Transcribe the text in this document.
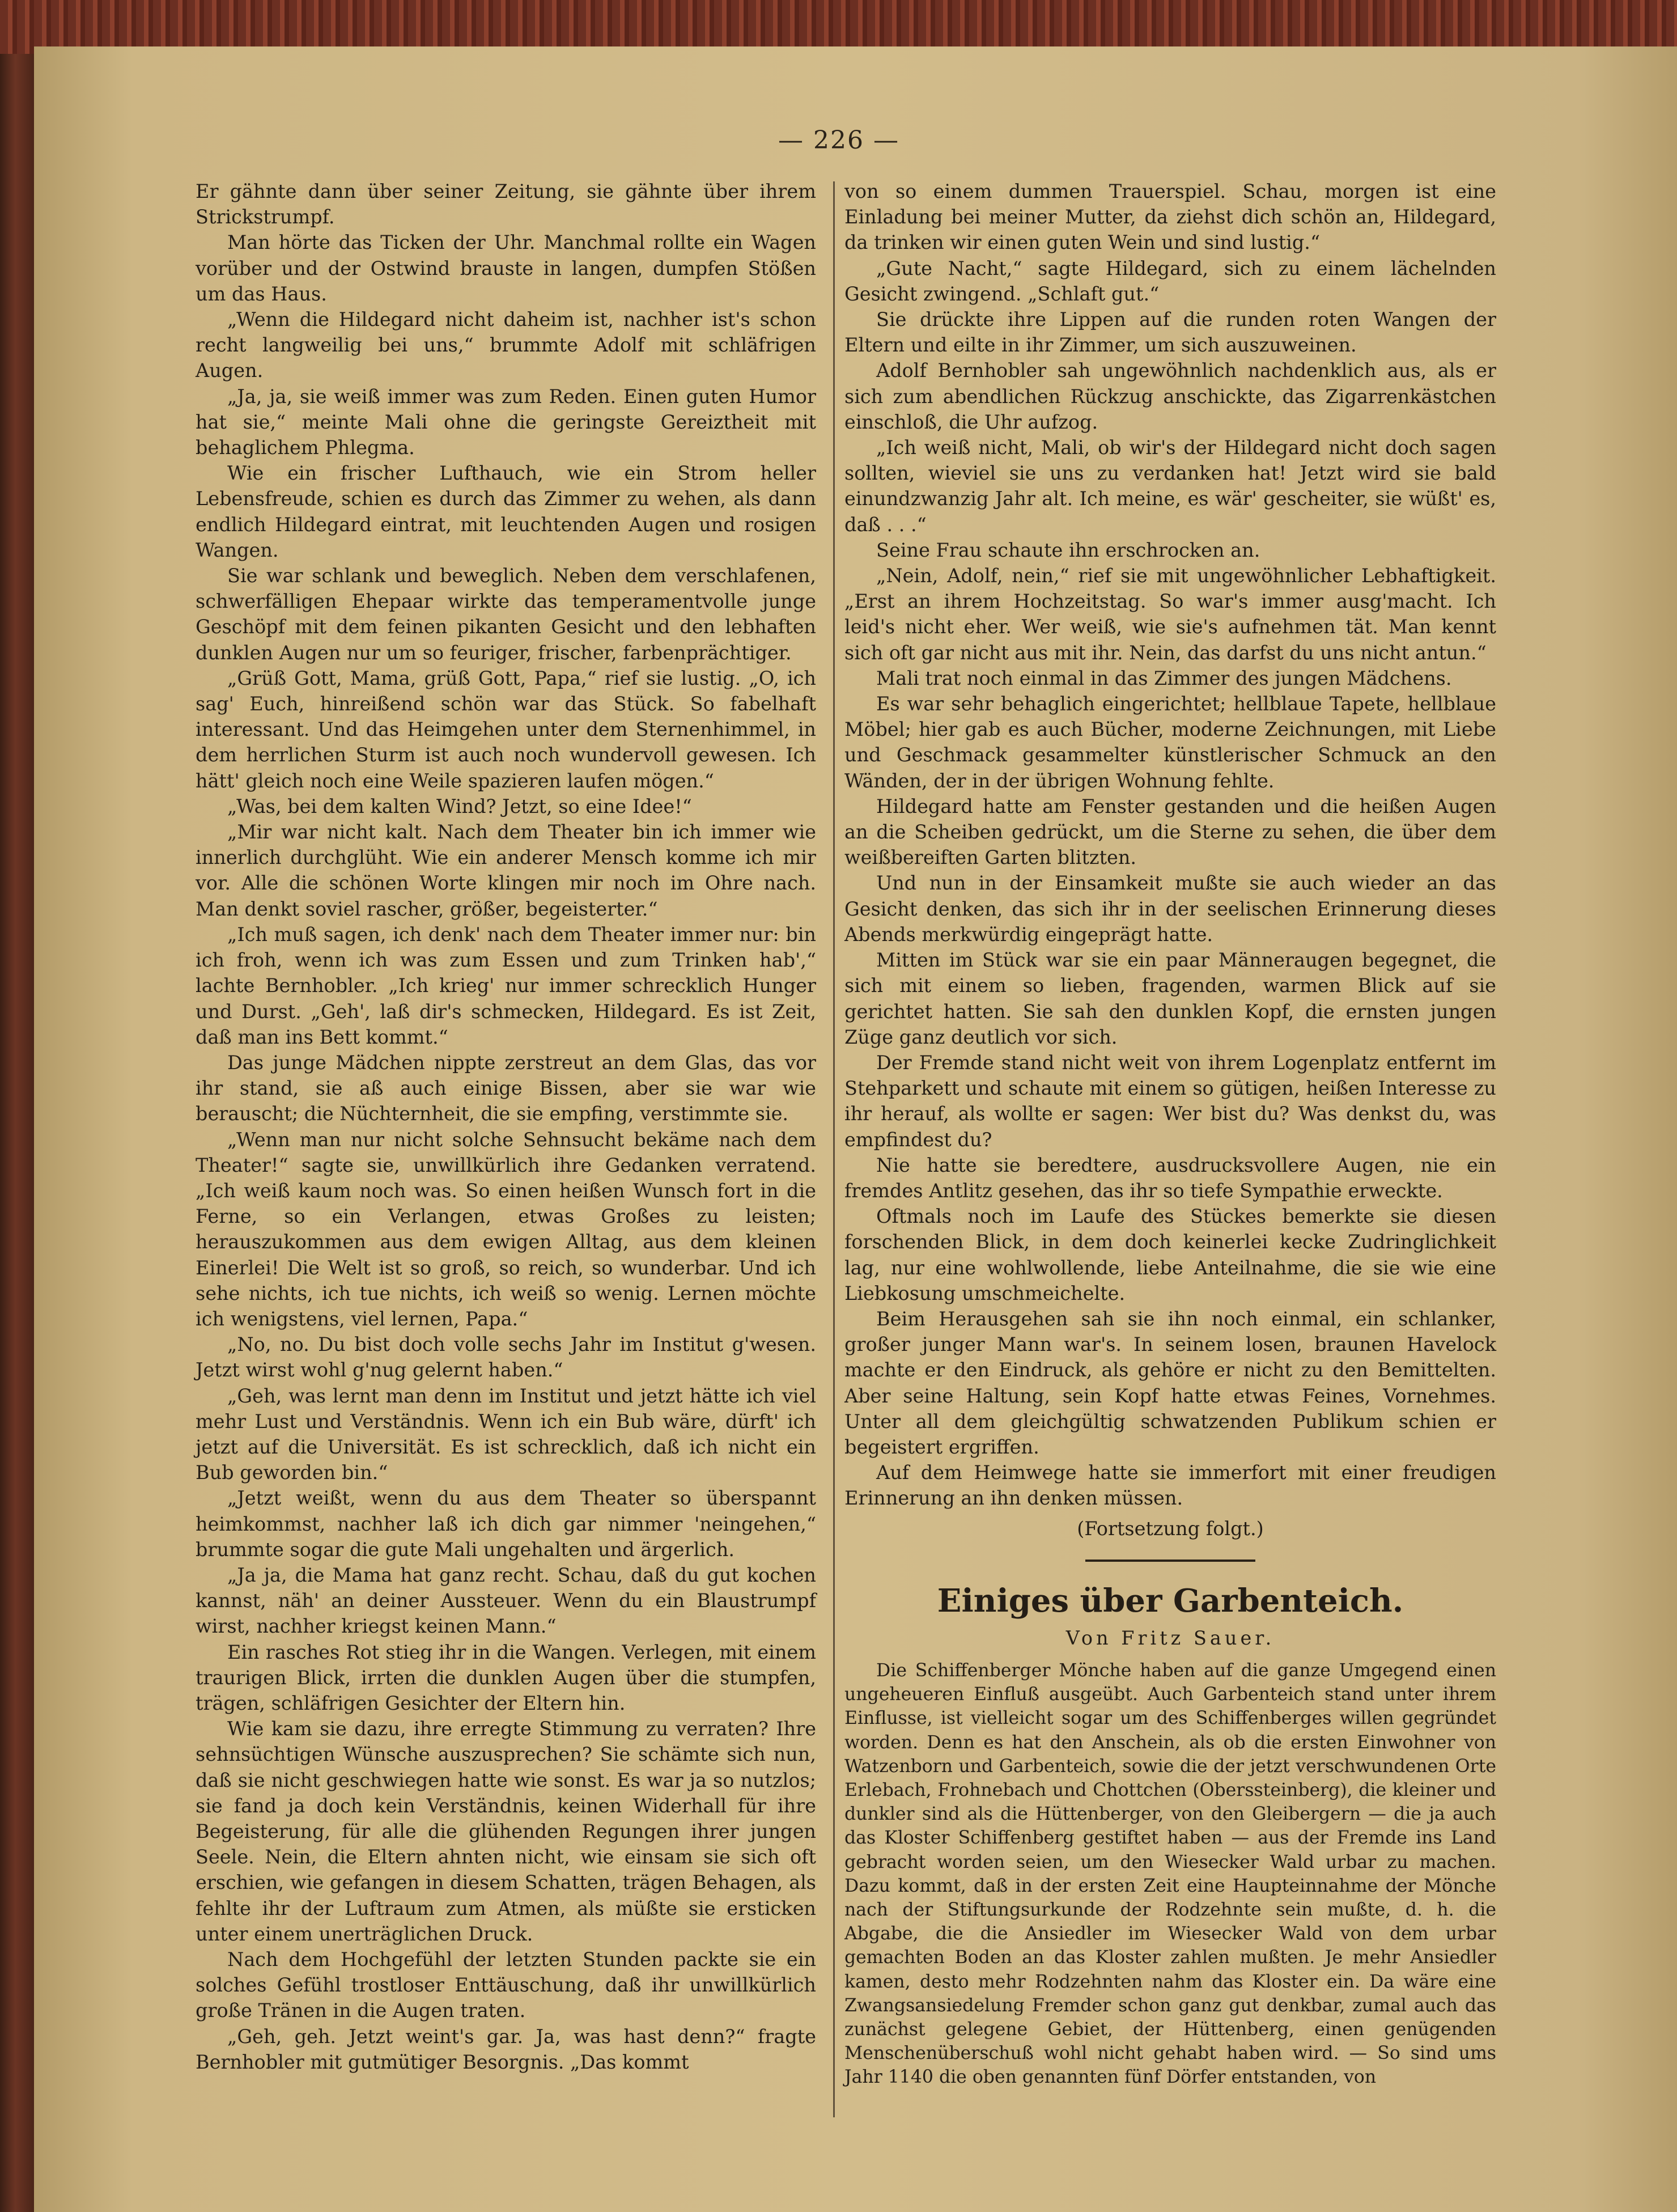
— 226 —

Er gähnte dann über seiner Zeitung, sie gähnte über ihrem Strickstrumpf.

Man hörte das Ticken der Uhr. Manchmal rollte ein Wagen vorüber und der Ostwind brauste in langen, dumpfen Stößen um das Haus.

„Wenn die Hildegard nicht daheim ist, nachher ist's schon recht langweilig bei uns,“ brummte Adolf mit schläfrigen Augen.

„Ja, ja, sie weiß immer was zum Reden. Einen guten Humor hat sie,“ meinte Mali ohne die geringste Gereiztheit mit behaglichem Phlegma.

Wie ein frischer Lufthauch, wie ein Strom heller Lebensfreude, schien es durch das Zimmer zu wehen, als dann endlich Hildegard eintrat, mit leuchtenden Augen und rosigen Wangen.

Sie war schlank und beweglich. Neben dem verschlafenen, schwerfälligen Ehepaar wirkte das temperamentvolle junge Geschöpf mit dem feinen pikanten Gesicht und den lebhaften dunklen Augen nur um so feuriger, frischer, farbenprächtiger.

„Grüß Gott, Mama, grüß Gott, Papa,“ rief sie lustig. „O, ich sag' Euch, hinreißend schön war das Stück. So fabelhaft interessant. Und das Heimgehen unter dem Sternenhimmel, in dem herrlichen Sturm ist auch noch wundervoll gewesen. Ich hätt' gleich noch eine Weile spazieren laufen mögen.“

„Was, bei dem kalten Wind? Jetzt, so eine Idee!“

„Mir war nicht kalt. Nach dem Theater bin ich immer wie innerlich durchglüht. Wie ein anderer Mensch komme ich mir vor. Alle die schönen Worte klingen mir noch im Ohre nach. Man denkt soviel rascher, größer, begeisterter.“

„Ich muß sagen, ich denk' nach dem Theater immer nur: bin ich froh, wenn ich was zum Essen und zum Trinken hab',“ lachte Bernhobler. „Ich krieg' nur immer schrecklich Hunger und Durst. „Geh', laß dir's schmecken, Hildegard. Es ist Zeit, daß man ins Bett kommt.“

Das junge Mädchen nippte zerstreut an dem Glas, das vor ihr stand, sie aß auch einige Bissen, aber sie war wie berauscht; die Nüchternheit, die sie empfing, verstimmte sie.

„Wenn man nur nicht solche Sehnsucht bekäme nach dem Theater!“ sagte sie, unwillkürlich ihre Gedanken verratend. „Ich weiß kaum noch was. So einen heißen Wunsch fort in die Ferne, so ein Verlangen, etwas Großes zu leisten; herauszukommen aus dem ewigen Alltag, aus dem kleinen Einerlei! Die Welt ist so groß, so reich, so wunderbar. Und ich sehe nichts, ich tue nichts, ich weiß so wenig. Lernen möchte ich wenigstens, viel lernen, Papa.“

„No, no. Du bist doch volle sechs Jahr im Institut g'wesen. Jetzt wirst wohl g'nug gelernt haben.“

„Geh, was lernt man denn im Institut und jetzt hätte ich viel mehr Lust und Verständnis. Wenn ich ein Bub wäre, dürft' ich jetzt auf die Universität. Es ist schrecklich, daß ich nicht ein Bub geworden bin.“

„Jetzt weißt, wenn du aus dem Theater so überspannt heimkommst, nachher laß ich dich gar nimmer 'neingehen,“ brummte sogar die gute Mali ungehalten und ärgerlich.

„Ja ja, die Mama hat ganz recht. Schau, daß du gut kochen kannst, näh' an deiner Aussteuer. Wenn du ein Blaustrumpf wirst, nachher kriegst keinen Mann.“

Ein rasches Rot stieg ihr in die Wangen. Verlegen, mit einem traurigen Blick, irrten die dunklen Augen über die stumpfen, trägen, schläfrigen Gesichter der Eltern hin.

Wie kam sie dazu, ihre erregte Stimmung zu verraten? Ihre sehnsüchtigen Wünsche auszusprechen? Sie schämte sich nun, daß sie nicht geschwiegen hatte wie sonst. Es war ja so nutzlos; sie fand ja doch kein Verständnis, keinen Widerhall für ihre Begeisterung, für alle die glühenden Regungen ihrer jungen Seele. Nein, die Eltern ahnten nicht, wie einsam sie sich oft erschien, wie gefangen in diesem Schatten, trägen Behagen, als fehlte ihr der Luftraum zum Atmen, als müßte sie ersticken unter einem unerträglichen Druck.

Nach dem Hochgefühl der letzten Stunden packte sie ein solches Gefühl trostloser Enttäuschung, daß ihr unwillkürlich große Tränen in die Augen traten.

„Geh, geh. Jetzt weint's gar. Ja, was hast denn?“ fragte Bernhobler mit gutmütiger Besorgnis. „Das kommt

von so einem dummen Trauerspiel. Schau, morgen ist eine Einladung bei meiner Mutter, da ziehst dich schön an, Hildegard, da trinken wir einen guten Wein und sind lustig.“

„Gute Nacht,“ sagte Hildegard, sich zu einem lächelnden Gesicht zwingend. „Schlaft gut.“

Sie drückte ihre Lippen auf die runden roten Wangen der Eltern und eilte in ihr Zimmer, um sich auszuweinen.

Adolf Bernhobler sah ungewöhnlich nachdenklich aus, als er sich zum abendlichen Rückzug anschickte, das Zigarrenkästchen einschloß, die Uhr aufzog.

„Ich weiß nicht, Mali, ob wir's der Hildegard nicht doch sagen sollten, wieviel sie uns zu verdanken hat! Jetzt wird sie bald einundzwanzig Jahr alt. Ich meine, es wär' gescheiter, sie wüßt' es, daß . . .“

Seine Frau schaute ihn erschrocken an.

„Nein, Adolf, nein,“ rief sie mit ungewöhnlicher Lebhaftigkeit. „Erst an ihrem Hochzeitstag. So war's immer ausg'macht. Ich leid's nicht eher. Wer weiß, wie sie's aufnehmen tät. Man kennt sich oft gar nicht aus mit ihr. Nein, das darfst du uns nicht antun.“

Mali trat noch einmal in das Zimmer des jungen Mädchens.

Es war sehr behaglich eingerichtet; hellblaue Tapete, hellblaue Möbel; hier gab es auch Bücher, moderne Zeichnungen, mit Liebe und Geschmack gesammelter künstlerischer Schmuck an den Wänden, der in der übrigen Wohnung fehlte.

Hildegard hatte am Fenster gestanden und die heißen Augen an die Scheiben gedrückt, um die Sterne zu sehen, die über dem weißbereiften Garten blitzten.

Und nun in der Einsamkeit mußte sie auch wieder an das Gesicht denken, das sich ihr in der seelischen Erinnerung dieses Abends merkwürdig eingeprägt hatte.

Mitten im Stück war sie ein paar Männeraugen begegnet, die sich mit einem so lieben, fragenden, warmen Blick auf sie gerichtet hatten. Sie sah den dunklen Kopf, die ernsten jungen Züge ganz deutlich vor sich.

Der Fremde stand nicht weit von ihrem Logenplatz entfernt im Stehparkett und schaute mit einem so gütigen, heißen Interesse zu ihr herauf, als wollte er sagen: Wer bist du? Was denkst du, was empfindest du?

Nie hatte sie beredtere, ausdrucksvollere Augen, nie ein fremdes Antlitz gesehen, das ihr so tiefe Sympathie erweckte.

Oftmals noch im Laufe des Stückes bemerkte sie diesen forschenden Blick, in dem doch keinerlei kecke Zudringlichkeit lag, nur eine wohlwollende, liebe Anteilnahme, die sie wie eine Liebkosung umschmeichelte.

Beim Herausgehen sah sie ihn noch einmal, ein schlanker, großer junger Mann war's. In seinem losen, braunen Havelock machte er den Eindruck, als gehöre er nicht zu den Bemittelten. Aber seine Haltung, sein Kopf hatte etwas Feines, Vornehmes. Unter all dem gleichgültig schwatzenden Publikum schien er begeistert ergriffen.

Auf dem Heimwege hatte sie immerfort mit einer freudigen Erinnerung an ihn denken müssen.

(Fortsetzung folgt.)

Einiges über Garbenteich.
Von Fritz Sauer.

Die Schiffenberger Mönche haben auf die ganze Umgegend einen ungeheueren Einfluß ausgeübt. Auch Garbenteich stand unter ihrem Einflusse, ist vielleicht sogar um des Schiffenberges willen gegründet worden. Denn es hat den Anschein, als ob die ersten Einwohner von Watzenborn und Garbenteich, sowie die der jetzt verschwundenen Orte Erlebach, Frohnebach und Chottchen (Oberssteinberg), die kleiner und dunkler sind als die Hüttenberger, von den Gleibergern — die ja auch das Kloster Schiffenberg gestiftet haben — aus der Fremde ins Land gebracht worden seien, um den Wiesecker Wald urbar zu machen. Dazu kommt, daß in der ersten Zeit eine Haupteinnahme der Mönche nach der Stiftungsurkunde der Rodzehnte sein mußte, d. h. die Abgabe, die die Ansiedler im Wiesecker Wald von dem urbar gemachten Boden an das Kloster zahlen mußten. Je mehr Ansiedler kamen, desto mehr Rodzehnten nahm das Kloster ein. Da wäre eine Zwangsansiedelung Fremder schon ganz gut denkbar, zumal auch das zunächst gelegene Gebiet, der Hüttenberg, einen genügenden Menschenüberschuß wohl nicht gehabt haben wird. — So sind ums Jahr 1140 die oben genannten fünf Dörfer entstanden, von
